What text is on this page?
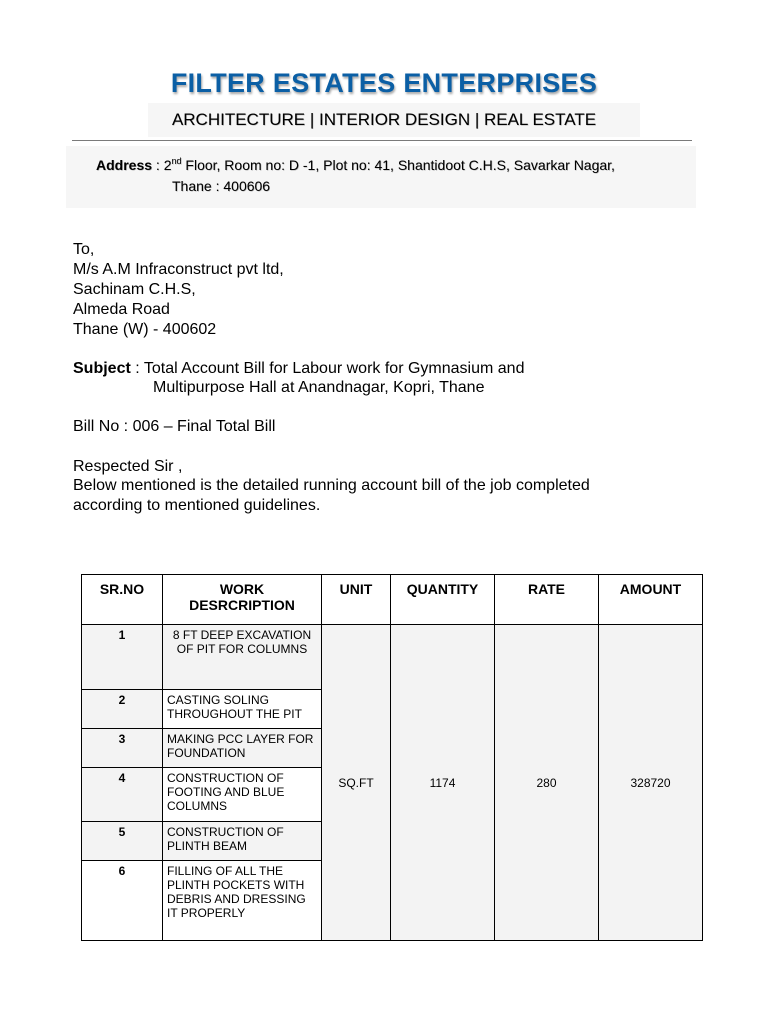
FILTER ESTATES ENTERPRISES
ARCHITECTURE | INTERIOR DESIGN | REAL ESTATE
Address : 2nd Floor, Room no: D -1, Plot no: 41, Shantidoot C.H.S, Savarkar Nagar,
Thane : 400606
To,
M/s A.M Infraconstruct pvt ltd,
Sachinam C.H.S,
Almeda Road
Thane (W) - 400602
Subject : Total Account Bill for Labour work for Gymnasium and
Multipurpose Hall at Anandnagar, Kopri, Thane
Bill No : 006 – Final Total Bill
Respected Sir ,
Below mentioned is the detailed running account bill of the job completed
according to mentioned guidelines.
SR.NO	WORK DESRCRIPTION	UNIT	QUANTITY	RATE	AMOUNT
1	8 FT DEEP EXCAVATION OF PIT FOR COLUMNS	SQ.FT	1174	280	328720
2	CASTING SOLING THROUGHOUT THE PIT				
3	MAKING PCC LAYER FOR FOUNDATION				
4	CONSTRUCTION OF FOOTING AND BLUE COLUMNS				
5	CONSTRUCTION OF PLINTH BEAM				
6	FILLING OF ALL THE PLINTH POCKETS WITH DEBRIS AND DRESSING IT PROPERLY				
